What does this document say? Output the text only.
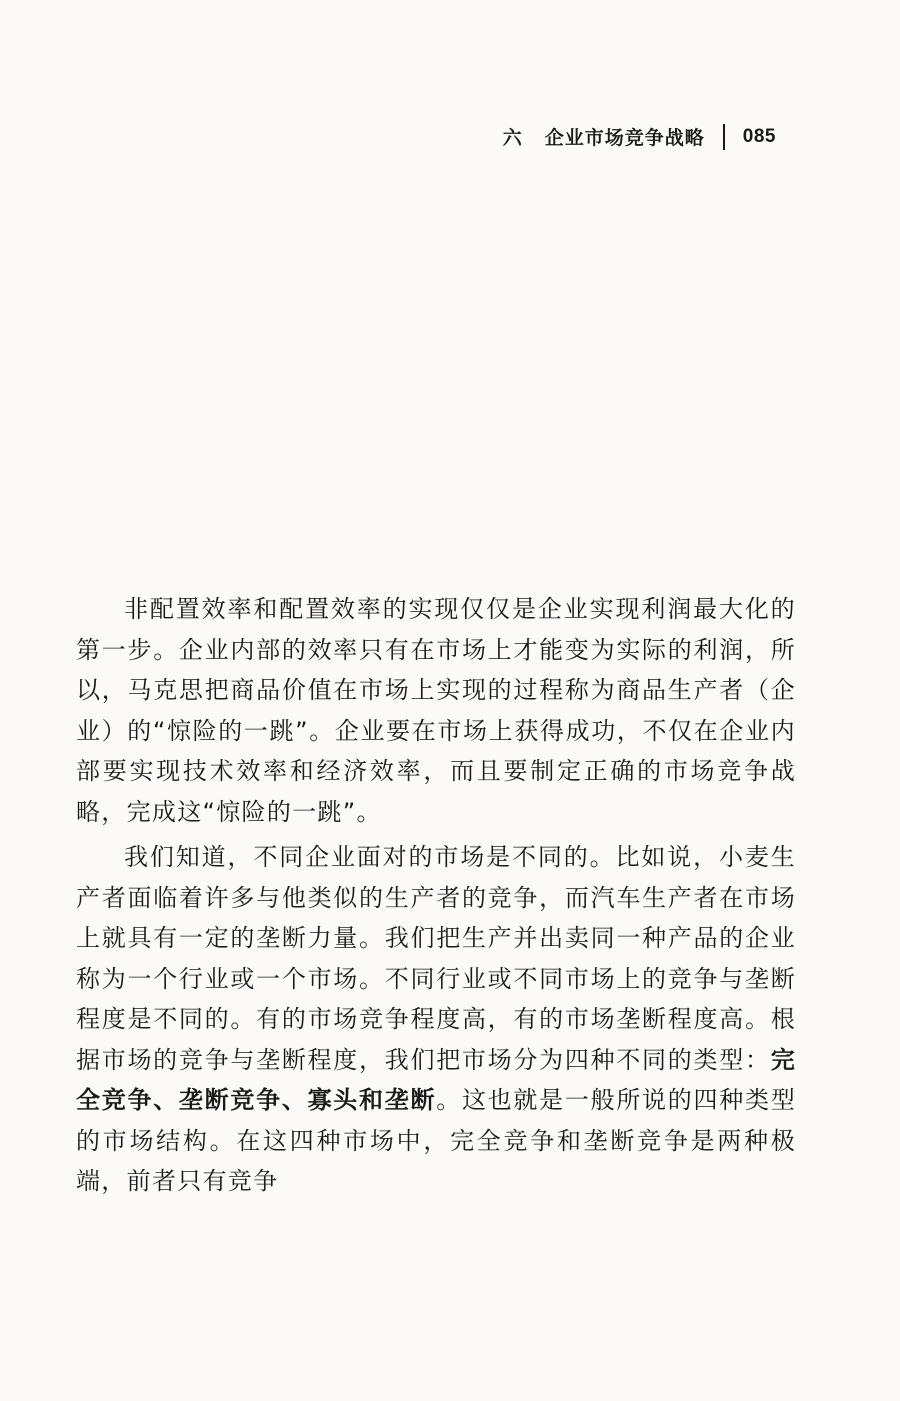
六 企业市场竞争战略 085

非配置效率和配置效率的实现仅仅是企业实现利润最大化的第一步。企业内部的效率只有在市场上才能变为实际的利润，所以，马克思把商品价值在市场上实现的过程称为商品生产者（企业）的“惊险的一跳”。企业要在市场上获得成功，不仅在企业内部要实现技术效率和经济效率，而且要制定正确的市场竞争战略，完成这“惊险的一跳”。

我们知道，不同企业面对的市场是不同的。比如说，小麦生产者面临着许多与他类似的生产者的竞争，而汽车生产者在市场上就具有一定的垄断力量。我们把生产并出卖同一种产品的企业称为一个行业或一个市场。不同行业或不同市场上的竞争与垄断程度是不同的。有的市场竞争程度高，有的市场垄断程度高。根据市场的竞争与垄断程度，我们把市场分为四种不同的类型：完全竞争、垄断竞争、寡头和垄断。这也就是一般所说的四种类型的市场结构。在这四种市场中，完全竞争和垄断竞争是两种极端，前者只有竞争
